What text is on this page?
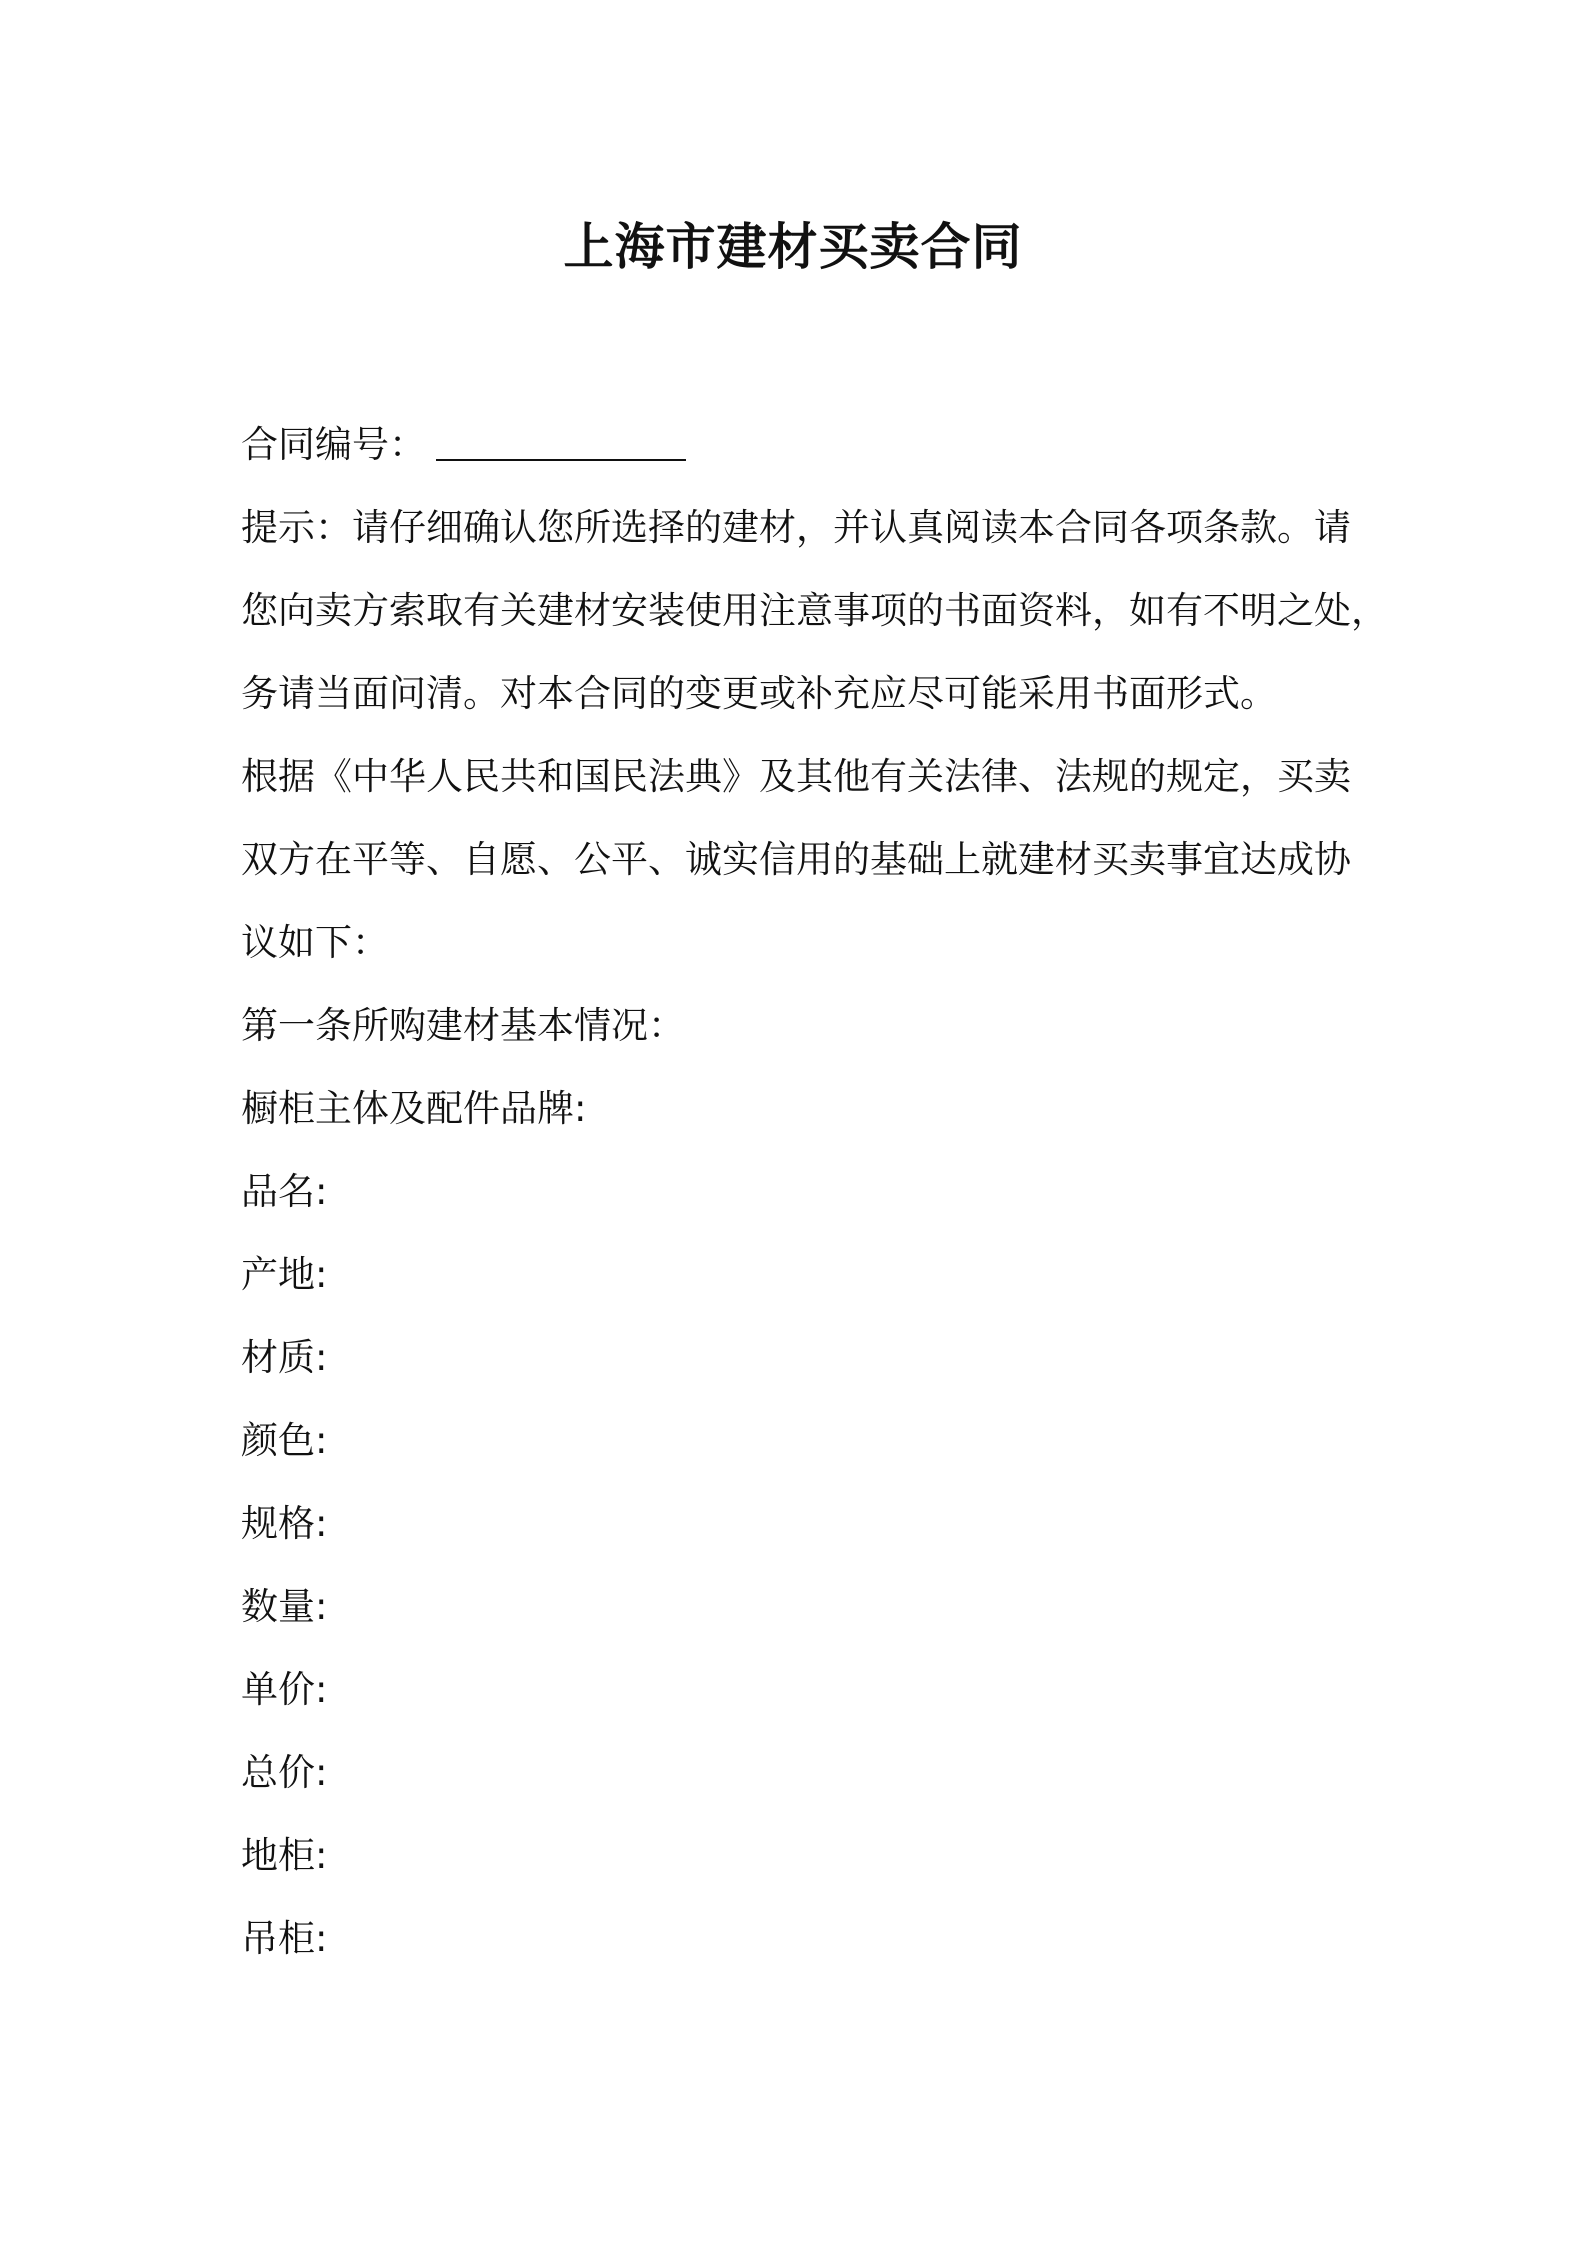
上海市建材买卖合同
合同编号：
提示：请仔细确认您所选择的建材，并认真阅读本合同各项条款。请
您向卖方索取有关建材安装使用注意事项的书面资料，如有不明之处，
务请当面问清。对本合同的变更或补充应尽可能采用书面形式。
根据《中华人民共和国民法典》及其他有关法律、法规的规定，买卖
双方在平等、自愿、公平、诚实信用的基础上就建材买卖事宜达成协
议如下：
第一条所购建材基本情况：
橱柜主体及配件品牌:
品名:
产地:
材质:
颜色:
规格:
数量:
单价:
总价:
地柜:
吊柜:
